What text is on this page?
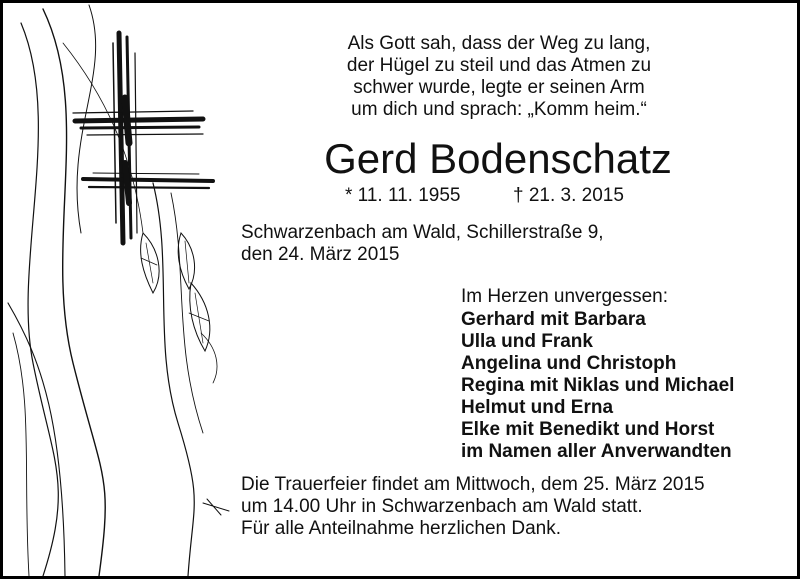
Als Gott sah, dass der Weg zu lang,
der Hügel zu steil und das Atmen zu
schwer wurde, legte er seinen Arm
um dich und sprach: „Komm heim.“

Gerd Bodenschatz
* 11. 11. 1955	† 21. 3. 2015

Schwarzenbach am Wald, Schillerstraße 9,
den 24. März 2015

Im Herzen unvergessen:
Gerhard mit Barbara
Ulla und Frank
Angelina und Christoph
Regina mit Niklas und Michael
Helmut und Erna
Elke mit Benedikt und Horst
im Namen aller Anverwandten

Die Trauerfeier findet am Mittwoch, dem 25. März 2015
um 14.00 Uhr in Schwarzenbach am Wald statt.

Für alle Anteilnahme herzlichen Dank.
